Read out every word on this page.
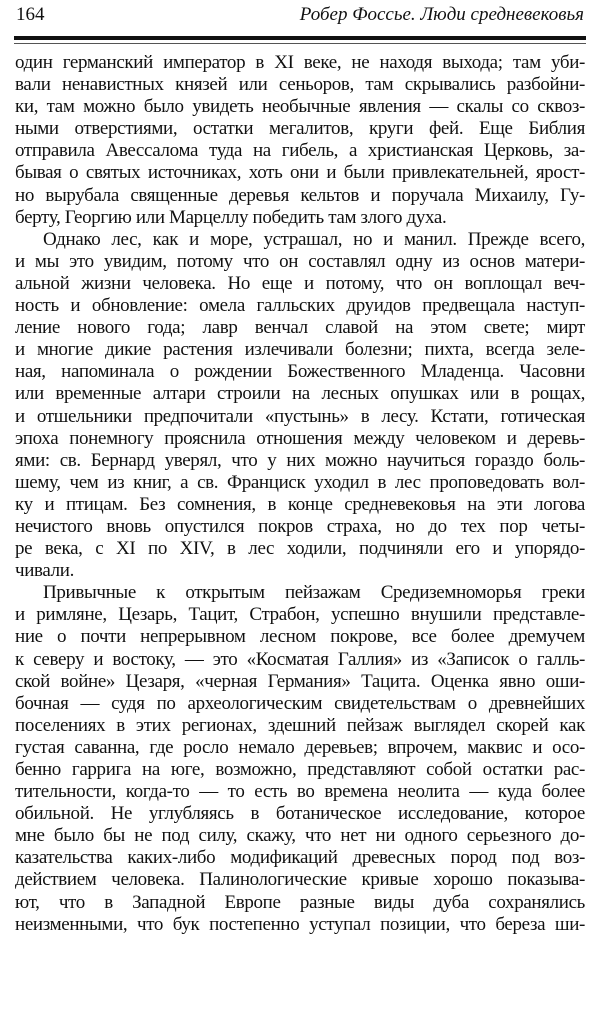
164	Робер Фоссье. Люди средневековья
один германский император в XI веке, не находя выхода; там уби-
вали ненавистных князей или сеньоров, там скрывались разбойни-
ки, там можно было увидеть необычные явления — скалы со сквоз-
ными отверстиями, остатки мегалитов, круги фей. Еще Библия
отправила Авессалома туда на гибель, а христианская Церковь, за-
бывая о святых источниках, хоть они и были привлекательней, ярост-
но вырубала священные деревья кельтов и поручала Михаилу, Гу-
берту, Георгию или Марцеллу победить там злого духа.
Однако лес, как и море, устрашал, но и манил. Прежде всего,
и мы это увидим, потому что он составлял одну из основ матери-
альной жизни человека. Но еще и потому, что он воплощал веч-
ность и обновление: омела галльских друидов предвещала наступ-
ление нового года; лавр венчал славой на этом свете; мирт
и многие дикие растения излечивали болезни; пихта, всегда зеле-
ная, напоминала о рождении Божественного Младенца. Часовни
или временные алтари строили на лесных опушках или в рощах,
и отшельники предпочитали «пустынь» в лесу. Кстати, готическая
эпоха понемногу прояснила отношения между человеком и деревь-
ями: св. Бернард уверял, что у них можно научиться гораздо боль-
шему, чем из книг, а св. Франциск уходил в лес проповедовать вол-
ку и птицам. Без сомнения, в конце средневековья на эти логова
нечистого вновь опустился покров страха, но до тех пор четы-
ре века, с XI по XIV, в лес ходили, подчиняли его и упорядо-
чивали.
Привычные к открытым пейзажам Средиземноморья греки
и римляне, Цезарь, Тацит, Страбон, успешно внушили представле-
ние о почти непрерывном лесном покрове, все более дремучем
к северу и востоку, — это «Косматая Галлия» из «Записок о галль-
ской войне» Цезаря, «черная Германия» Тацита. Оценка явно оши-
бочная — судя по археологическим свидетельствам о древнейших
поселениях в этих регионах, здешний пейзаж выглядел скорей как
густая саванна, где росло немало деревьев; впрочем, маквис и осо-
бенно гаррига на юге, возможно, представляют собой остатки рас-
тительности, когда-то — то есть во времена неолита — куда более
обильной. Не углубляясь в ботаническое исследование, которое
мне было бы не под силу, скажу, что нет ни одного серьезного до-
казательства каких-либо модификаций древесных пород под воз-
действием человека. Палинологические кривые хорошо показыва-
ют, что в Западной Европе разные виды дуба сохранялись
неизменными, что бук постепенно уступал позиции, что береза ши-
